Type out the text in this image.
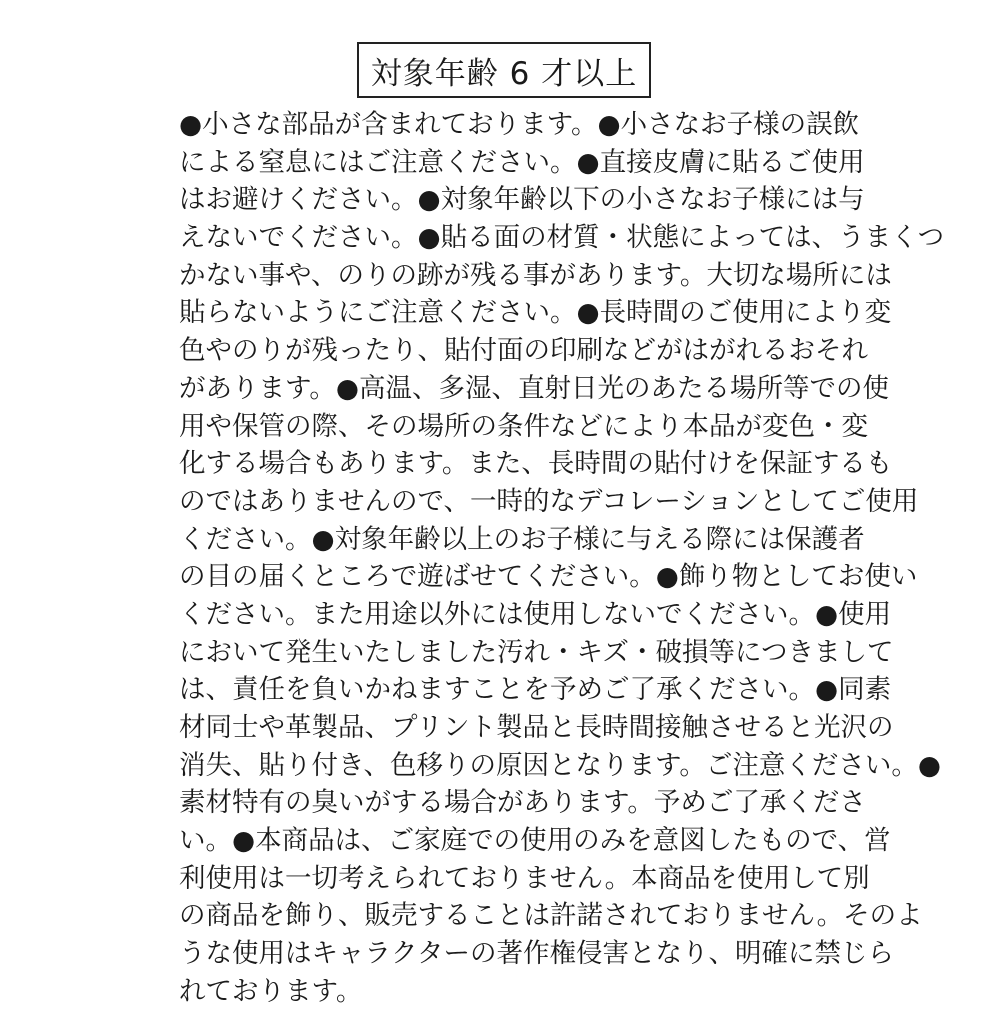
対象年齢 6 才以上
●小さな部品が含まれております。●小さなお子様の誤飲
による窒息にはご注意ください。●直接皮膚に貼るご使用
はお避けください。●対象年齢以下の小さなお子様には与
えないでください。●貼る面の材質・状態によっては、うまくつ
かない事や、のりの跡が残る事があります。大切な場所には
貼らないようにご注意ください。●長時間のご使用により変
色やのりが残ったり、貼付面の印刷などがはがれるおそれ
があります。●高温、多湿、直射日光のあたる場所等での使
用や保管の際、その場所の条件などにより本品が変色・変
化する場合もあります。また、長時間の貼付けを保証するも
のではありませんので、一時的なデコレーションとしてご使用
ください。●対象年齢以上のお子様に与える際には保護者
の目の届くところで遊ばせてください。●飾り物としてお使い
ください。また用途以外には使用しないでください。●使用
において発生いたしました汚れ・キズ・破損等につきまして
は、責任を負いかねますことを予めご了承ください。●同素
材同士や革製品、プリント製品と長時間接触させると光沢の
消失、貼り付き、色移りの原因となります。ご注意ください。●
素材特有の臭いがする場合があります。予めご了承くださ
い。●本商品は、ご家庭での使用のみを意図したもので、営
利使用は一切考えられておりません。本商品を使用して別
の商品を飾り、販売することは許諾されておりません。そのよ
うな使用はキャラクターの著作権侵害となり、明確に禁じら
れております。
